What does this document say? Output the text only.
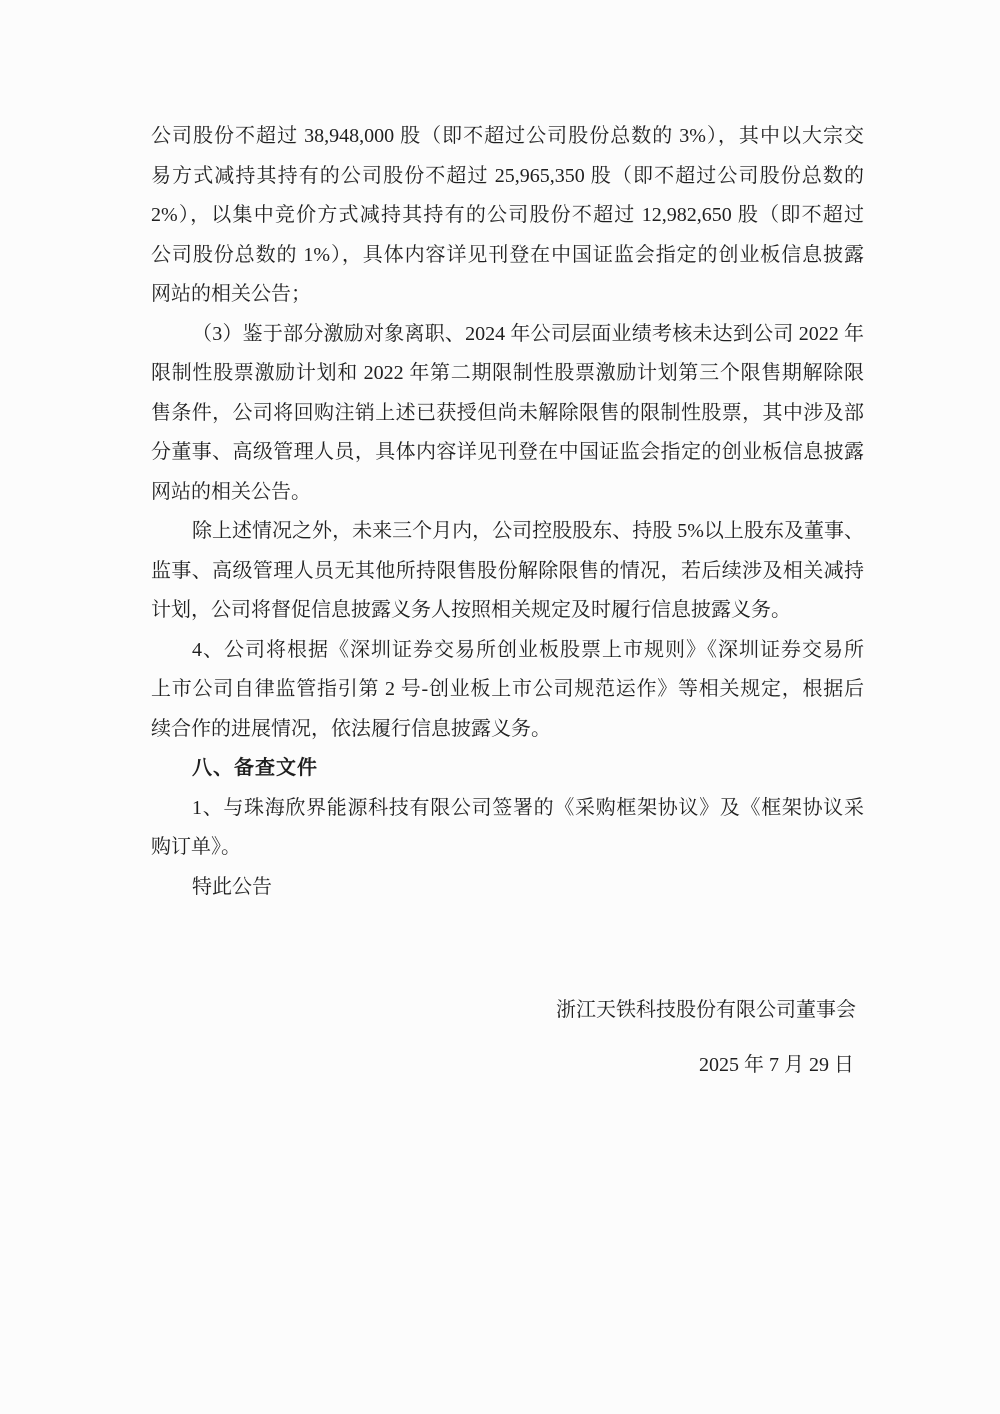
公司股份不超过 38,948,000 股（即不超过公司股份总数的 3%），其中以大宗交
易方式减持其持有的公司股份不超过 25,965,350 股（即不超过公司股份总数的
2%），以集中竞价方式减持其持有的公司股份不超过 12,982,650 股（即不超过
公司股份总数的 1%），具体内容详见刊登在中国证监会指定的创业板信息披露
网站的相关公告；
（3）鉴于部分激励对象离职、2024 年公司层面业绩考核未达到公司 2022 年
限制性股票激励计划和 2022 年第二期限制性股票激励计划第三个限售期解除限
售条件，公司将回购注销上述已获授但尚未解除限售的限制性股票，其中涉及部
分董事、高级管理人员，具体内容详见刊登在中国证监会指定的创业板信息披露
网站的相关公告。
除上述情况之外，未来三个月内，公司控股股东、持股 5%以上股东及董事、
监事、高级管理人员无其他所持限售股份解除限售的情况，若后续涉及相关减持
计划，公司将督促信息披露义务人按照相关规定及时履行信息披露义务。
4、公司将根据《深圳证券交易所创业板股票上市规则》《深圳证券交易所
上市公司自律监管指引第 2 号-创业板上市公司规范运作》等相关规定，根据后
续合作的进展情况，依法履行信息披露义务。
八、备查文件
1、与珠海欣界能源科技有限公司签署的《采购框架协议》及《框架协议采
购订单》。
特此公告
浙江天铁科技股份有限公司董事会
2025 年 7 月 29 日
